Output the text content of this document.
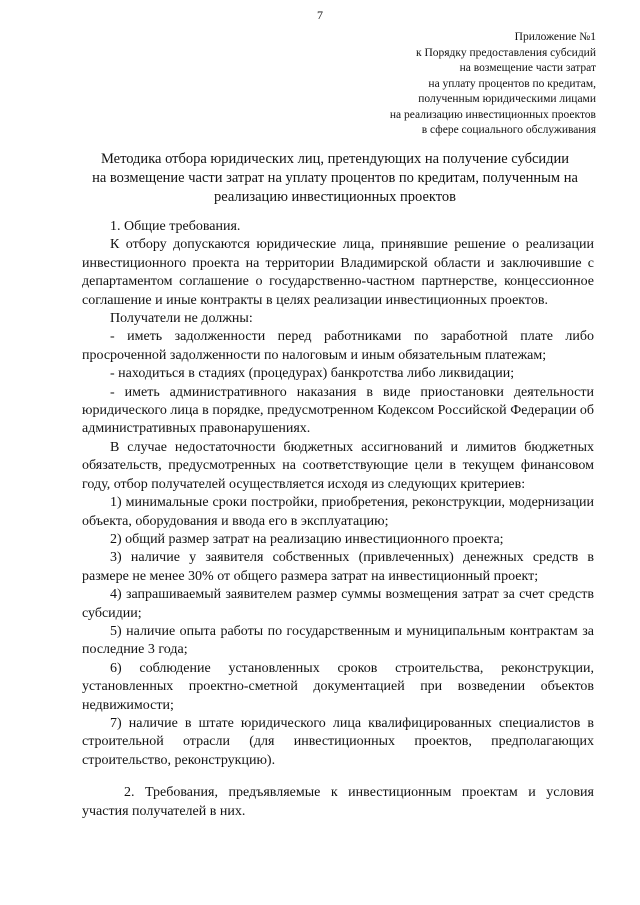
7
Приложение №1
к Порядку предоставления субсидий
на возмещение части затрат
на уплату процентов по кредитам,
полученным юридическими лицами
на реализацию инвестиционных проектов
в сфере социального обслуживания
Методика отбора юридических лиц, претендующих на получение субсидии
на возмещение части затрат на уплату процентов по кредитам, полученным на
реализацию инвестиционных проектов

1. Общие требования.

К отбору допускаются юридические лица, принявшие решение о реализации инвестиционного проекта на территории Владимирской области и заключившие с департаментом соглашение о государственно-частном партнерстве, концессионное соглашение и иные контракты в целях реализации инвестиционных проектов.

Получатели не должны:

- иметь задолженности перед работниками по заработной плате либо просроченной задолженности по налоговым и иным обязательным платежам;

- находиться в стадиях (процедурах) банкротства либо ликвидации;

- иметь административного наказания в виде приостановки деятельности юридического лица в порядке, предусмотренном Кодексом Российской Федерации об административных правонарушениях.

В случае недостаточности бюджетных ассигнований и лимитов бюджетных обязательств, предусмотренных на соответствующие цели в текущем финансовом году, отбор получателей осуществляется исходя из следующих критериев:

1) минимальные сроки постройки, приобретения, реконструкции, модернизации объекта, оборудования и ввода его в эксплуатацию;

2) общий размер затрат на реализацию инвестиционного проекта;

3) наличие у заявителя собственных (привлеченных) денежных средств в размере не менее 30% от общего размера затрат на инвестиционный проект;

4) запрашиваемый заявителем размер суммы возмещения затрат за счет средств субсидии;

5) наличие опыта работы по государственным и муниципальным контрактам за последние 3 года;

6) соблюдение установленных сроков строительства, реконструкции, установленных проектно-сметной документацией при возведении объектов недвижимости;

7) наличие в штате юридического лица квалифицированных специалистов в строительной отрасли (для инвестиционных проектов, предполагающих строительство, реконструкцию).

2. Требования, предъявляемые к инвестиционным проектам и условия участия получателей в них.
